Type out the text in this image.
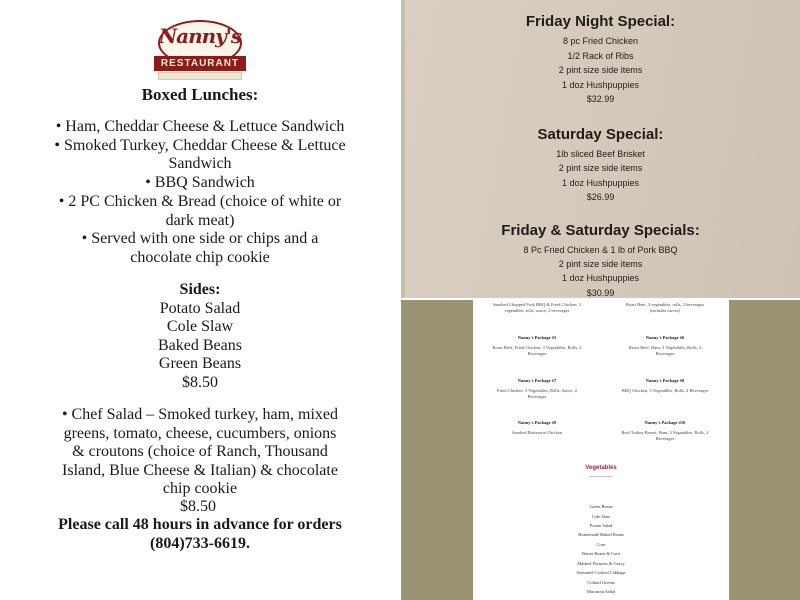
Nanny's
RESTAURANT
Boxed Lunches:
• Ham, Cheddar Cheese & Lettuce Sandwich
• Smoked Turkey, Cheddar Cheese & Lettuce
Sandwich
• BBQ Sandwich
• 2 PC Chicken & Bread (choice of white or
dark meat)
• Served with one side or chips and a
chocolate chip cookie
Sides:
Potato Salad
Cole Slaw
Baked Beans
Green Beans
$8.50
• Chef Salad – Smoked turkey, ham, mixed
greens, tomato, cheese, cucumbers, onions
& croutons (choice of Ranch, Thousand
Island, Blue Cheese & Italian) & chocolate
chip cookie
$8.50
Please call 48 hours in advance for orders
(804)733-6619.
Friday Night Special:
8 pc Fried Chicken
1/2 Rack of Ribs
2 pint size side items
1 doz Hushpuppies
$32.99
Saturday Special:
1lb sliced Beef Brisket
2 pint size side items
1 doz Hushpuppies
$26.99
Friday & Saturday Specials:
8 Pc Fried Chicken & 1 lb of Pork BBQ
2 pint size side items
1 doz Hushpuppies
$30.99
Smoked Chopped Pork BBQ & Fried Chicken, 3
vegetables, rolls, sauce, 2 beverages
Roast Beef, 3 vegetables, rolls, 2 beverages
(includes carver)
Nanny's Package #5
Roast Beef, Fried Chicken, 3 Vegetables, Rolls, 2
Beverages
Nanny's Package #6
Roast Beef, Ham, 3 Vegetables, Rolls, 2
Beverages
Nanny's Package #7
Fried Chicken, 3 Vegetables, Rolls, Sauce, 2
Beverages
Nanny's Package #8
BBQ Chicken, 3 Vegetables, Rolls, 2 Beverages
Nanny's Package #9
Smoked Rotisserie Chicken
Nanny's Package #10
Real Turkey Breast, Ham, 3 Vegetables, Rolls, 2
Beverages
Vegetables
Green Beans
Cole Slaw
Potato Salad
Homemade Baked Beans
Corn
Butter Beans & Corn
Mashed Potatoes & Gravy
Seasoned Cooked Cabbage
Collard Greens
Macaroni Salad
